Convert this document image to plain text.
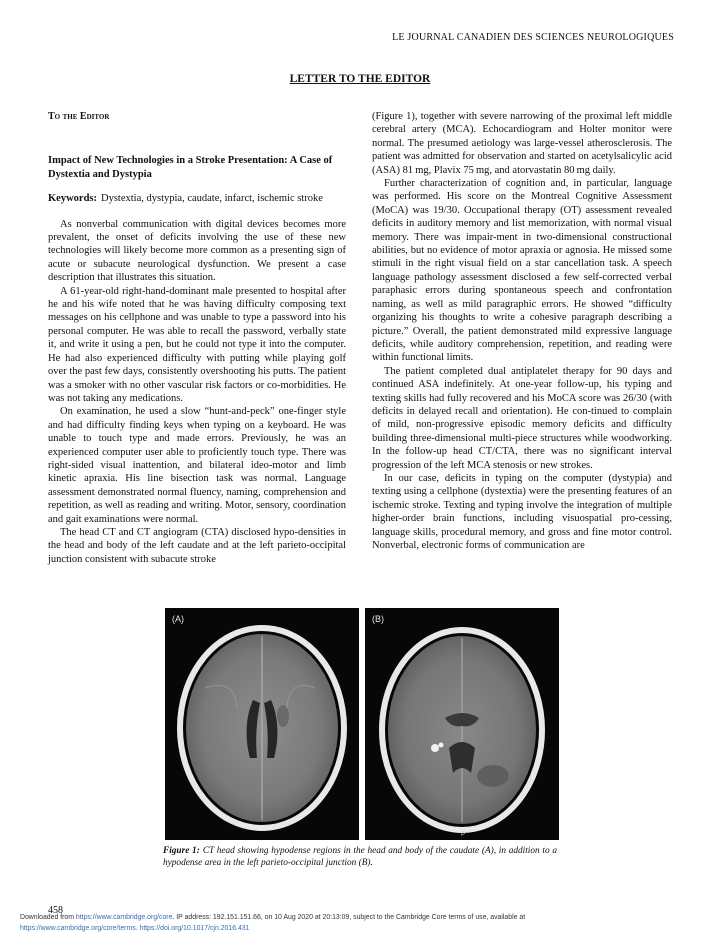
LE JOURNAL CANADIEN DES SCIENCES NEUROLOGIQUES
LETTER TO THE EDITOR
To the Editor
Impact of New Technologies in a Stroke Presentation: A Case of Dystextia and Dystypia
Keywords: Dystextia, dystypia, caudate, infarct, ischemic stroke

As nonverbal communication with digital devices becomes more prevalent, the onset of deficits involving the use of these new technologies will likely become more common as a presenting sign of acute or subacute neurological dysfunction. We present a case description that illustrates this situation.

A 61-year-old right-hand-dominant male presented to hospital after he and his wife noted that he was having difficulty composing text messages on his cellphone and was unable to type a password into his personal computer. He was able to recall the password, verbally state it, and write it using a pen, but he could not type it into the computer. He had also experienced difficulty with putting while playing golf over the past few days, consistently overshooting his putts. The patient was a smoker with no other vascular risk factors or co-morbidities. He was not taking any medications.

On examination, he used a slow “hunt-and-peck” one-finger style and had difficulty finding keys when typing on a keyboard. He was unable to touch type and made errors. Previously, he was an experienced computer user able to proficiently touch type. There was right-sided visual inattention, and bilateral ideo-motor and limb kinetic apraxia. His line bisection task was normal. Language assessment demonstrated normal fluency, naming, comprehension and repetition, as well as reading and writing. Motor, sensory, coordination and gait examinations were normal.

The head CT and CT angiogram (CTA) disclosed hypo-densities in the head and body of the left caudate and at the left parieto-occipital junction consistent with subacute stroke

(Figure 1), together with severe narrowing of the proximal left middle cerebral artery (MCA). Echocardiogram and Holter monitor were normal. The presumed aetiology was large-vessel atherosclerosis. The patient was admitted for observation and started on acetylsalicylic acid (ASA) 81 mg, Plavix 75 mg, and atorvastatin 80 mg daily.

Further characterization of cognition and, in particular, language was performed. His score on the Montreal Cognitive Assessment (MoCA) was 19/30. Occupational therapy (OT) assessment revealed deficits in auditory memory and list memorization, with normal visual memory. There was impair-ment in two-dimensional constructional abilities, but no evidence of motor apraxia or agnosia. He missed some stimuli in the right visual field on a star cancellation task. A speech language pathology assessment disclosed a few self-corrected verbal paraphasic errors during spontaneous speech and confrontation naming, as well as mild paragraphic errors. He showed “difficulty organizing his thoughts to write a cohesive paragraph describing a picture.” Overall, the patient demonstrated mild expressive language deficits, while auditory comprehension, repetition, and reading were within functional limits.

The patient completed dual antiplatelet therapy for 90 days and continued ASA indefinitely. At one-year follow-up, his typing and texting skills had fully recovered and his MoCA score was 26/30 (with deficits in delayed recall and orientation). He con-tinued to complain of mild, non-progressive episodic memory deficits and difficulty building three-dimensional multi-piece structures while woodworking. In the follow-up head CT/CTA, there was no significant interval progression of the left MCA stenosis or new strokes.

In our case, deficits in typing on the computer (dystypia) and texting using a cellphone (dystextia) were the presenting features of an ischemic stroke. Texting and typing involve the integration of multiple higher-order brain functions, including visuospatial pro-cessing, language skills, procedural memory, and gross and fine motor control. Nonverbal, electronic forms of communication are

(A)
P
(B)
Figure 1: CT head showing hypodense regions in the head and body of the caudate (A), in addition to a hypodense area in the left parieto-occipital junction (B).
458
Downloaded from https://www.cambridge.org/core. IP address: 192.151.151.66, on 10 Aug 2020 at 20:13:09, subject to the Cambridge Core terms of use, available at
https://www.cambridge.org/core/terms. https://doi.org/10.1017/cjn.2016.431
